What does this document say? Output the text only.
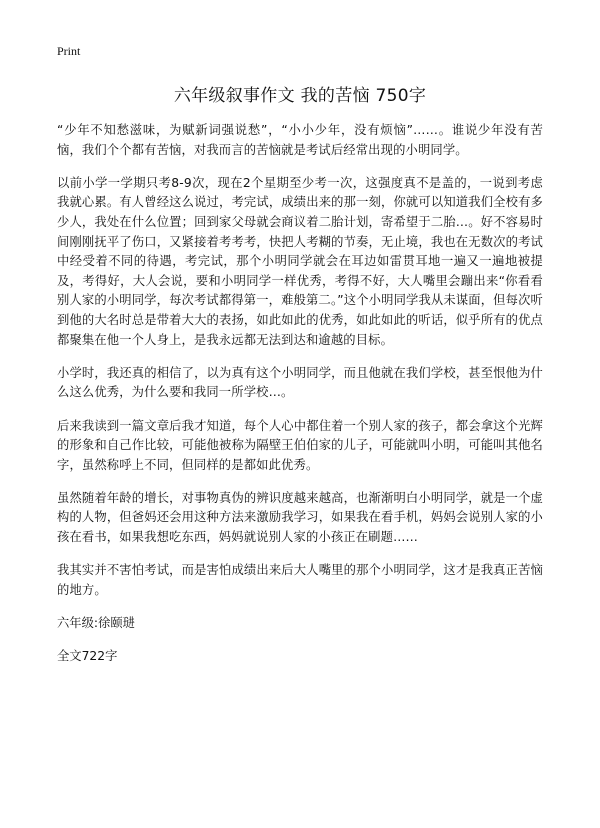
Print
六年级叙事作文 我的苦恼 750字

“少年不知愁滋味，为赋新词强说愁”，“小小少年，没有烦恼”……。谁说少年没有苦恼，我们个个都有苦恼，对我而言的苦恼就是考试后经常出现的小明同学。

以前小学一学期只考8-9次，现在2个星期至少考一次，这强度真不是盖的，一说到考虑我就心累。有人曾经这么说过，考完试，成绩出来的那一刻，你就可以知道我们全校有多少人，我处在什么位置；回到家父母就会商议着二胎计划，寄希望于二胎…。好不容易时间刚刚抚平了伤口，又紧接着考考考，快把人考糊的节奏，无止境，我也在无数次的考试中经受着不同的待遇，考完试，那个小明同学就会在耳边如雷贯耳地一遍又一遍地被提及，考得好，大人会说，要和小明同学一样优秀，考得不好，大人嘴里会蹦出来“你看看别人家的小明同学，每次考试都得第一，难般第二。”这个小明同学我从未谋面，但每次听到他的大名时总是带着大大的表扬，如此如此的优秀，如此如此的听话，似乎所有的优点都聚集在他一个人身上，是我永远都无法到达和逾越的目标。

小学时，我还真的相信了，以为真有这个小明同学，而且他就在我们学校，甚至恨他为什么这么优秀，为什么要和我同一所学校…。

后来我读到一篇文章后我才知道，每个人心中都住着一个别人家的孩子，都会拿这个光辉的形象和自己作比较，可能他被称为隔壁王伯伯家的儿子，可能就叫小明，可能叫其他名字，虽然称呼上不同，但同样的是都如此优秀。

虽然随着年龄的增长，对事物真伪的辨识度越来越高，也渐渐明白小明同学，就是一个虚构的人物，但爸妈还会用这种方法来激励我学习，如果我在看手机，妈妈会说别人家的小孩在看书，如果我想吃东西，妈妈就说别人家的小孩正在刷题……

我其实并不害怕考试，而是害怕成绩出来后大人嘴里的那个小明同学，这才是我真正苦恼的地方。

六年级:徐颐琎

全文722字
